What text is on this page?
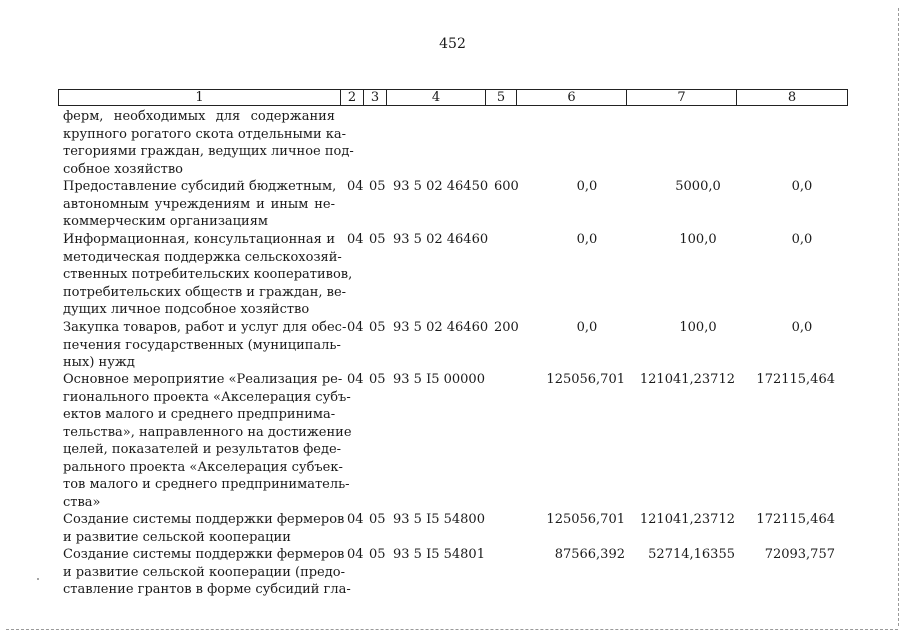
452
1	2	3	4	5	6	7	8
ферм, необходимых для содержания
крупного рогатого скота отдельными ка-
тегориями граждан, ведущих личное под-
собное хозяйство
Предоставление субсидий бюджетным,
автономным учреждениям и иным не-
коммерческим организациям
04 05 93 5 02 46450 600	0,0	5000,0	0,0
Информационная, консультационная и
методическая поддержка сельскохозяй-
ственных потребительских кооперативов,
потребительских обществ и граждан, ве-
дущих личное подсобное хозяйство
04 05 93 5 02 46460	0,0	100,0	0,0
Закупка товаров, работ и услуг для обес-
печения государственных (муниципаль-
ных) нужд
04 05 93 5 02 46460 200	0,0	100,0	0,0
Основное мероприятие «Реализация ре-
гионального проекта «Акселерация субъ-
ектов малого и среднего предпринима-
тельства», направленного на достижение
целей, показателей и результатов феде-
рального проекта «Акселерация субъек-
тов малого и среднего предприниматель-
ства»
04 05 93 5 I5 00000	125056,701	121041,23712	172115,464
Создание системы поддержки фермеров
и развитие сельской кооперации
04 05 93 5 I5 54800	125056,701	121041,23712	172115,464
Создание системы поддержки фермеров
и развитие сельской кооперации (предо-
ставление грантов в форме субсидий гла-
04 05 93 5 I5 54801	87566,392	52714,16355	72093,757
